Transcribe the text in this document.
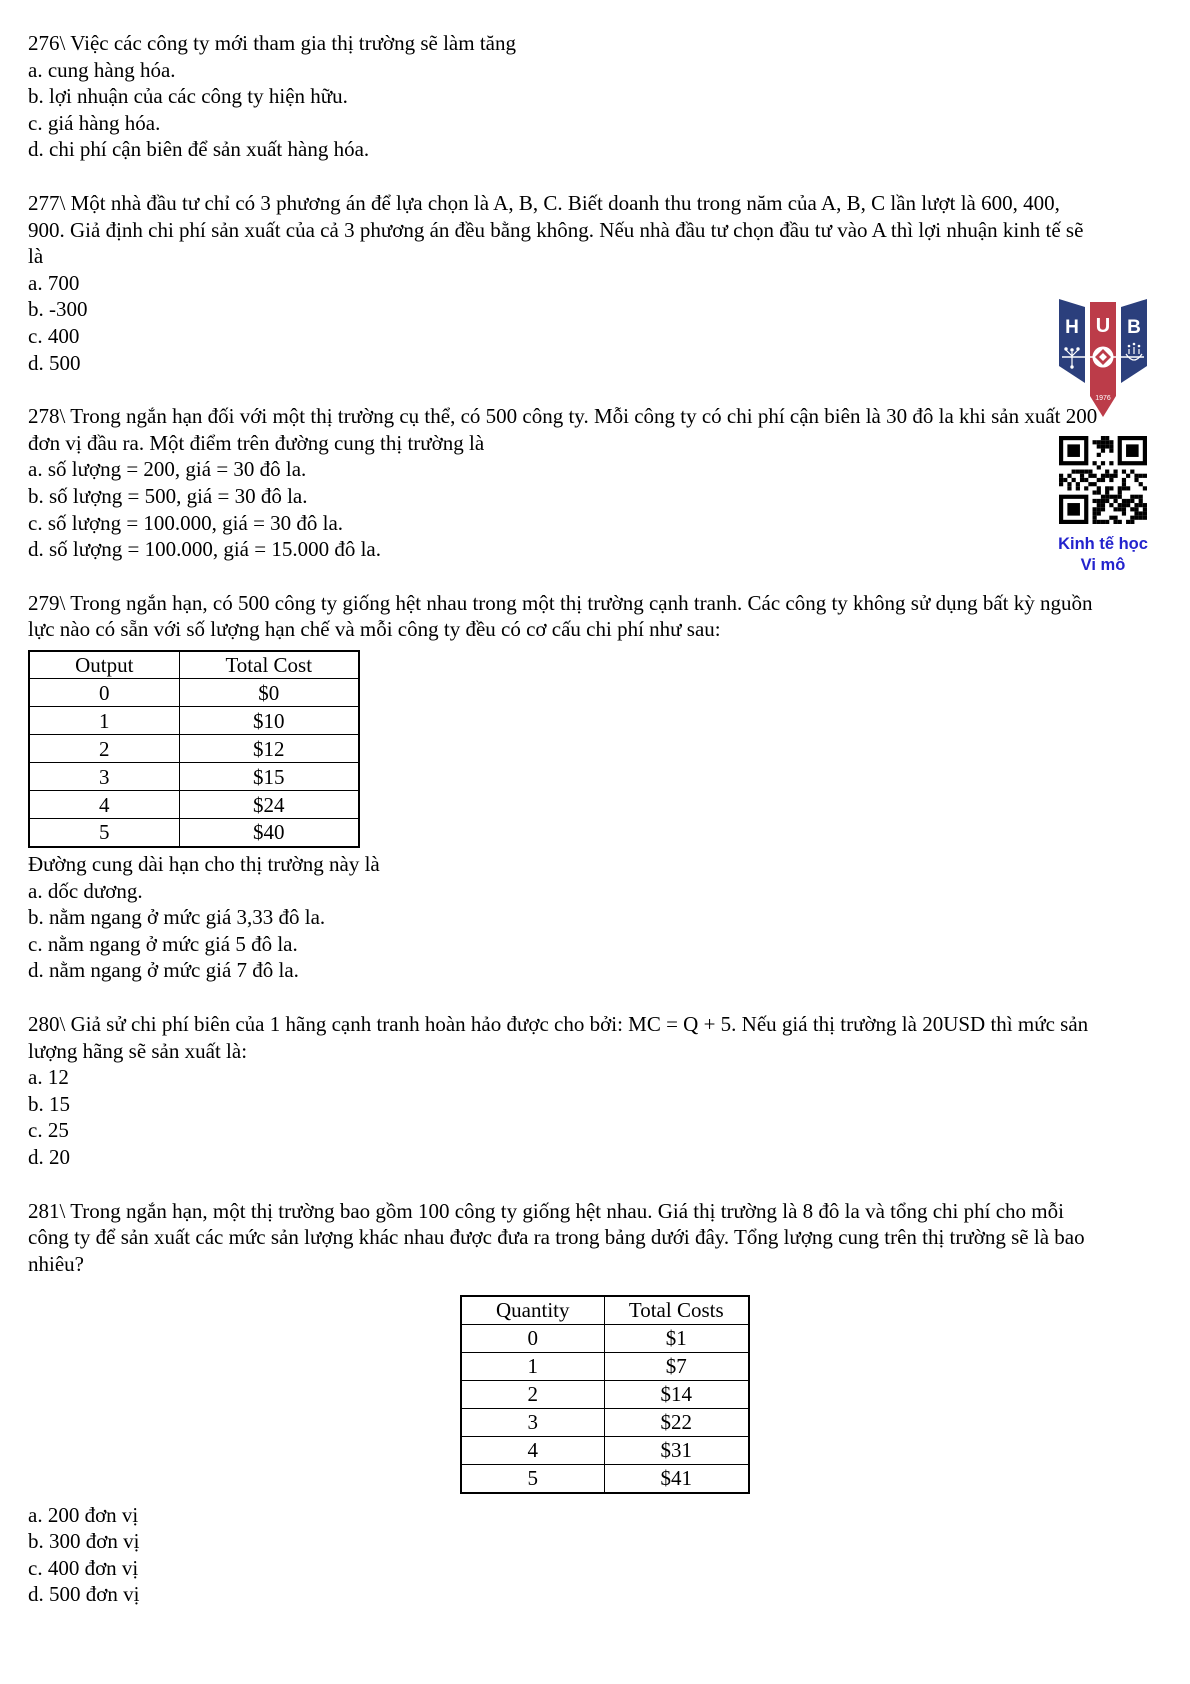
276\ Việc các công ty mới tham gia thị trường sẽ làm tăng
a. cung hàng hóa.
b. lợi nhuận của các công ty hiện hữu.
c. giá hàng hóa.
d. chi phí cận biên để sản xuất hàng hóa.
277\ Một nhà đầu tư chỉ có 3 phương án để lựa chọn là A, B, C. Biết doanh thu trong năm của A, B, C lần lượt là 600, 400, 900. Giả định chi phí sản xuất của cả 3 phương án đều bằng không. Nếu nhà đầu tư chọn đầu tư vào A thì lợi nhuận kinh tế sẽ là
a. 700
b. -300
c. 400
d. 500
278\ Trong ngắn hạn đối với một thị trường cụ thể, có 500 công ty. Mỗi công ty có chi phí cận biên là 30 đô la khi sản xuất 200 đơn vị đầu ra. Một điểm trên đường cung thị trường là
a. số lượng = 200, giá = 30 đô la.
b. số lượng = 500, giá = 30 đô la.
c. số lượng = 100.000, giá = 30 đô la.
d. số lượng = 100.000, giá = 15.000 đô la.
279\ Trong ngắn hạn, có 500 công ty giống hệt nhau trong một thị trường cạnh tranh. Các công ty không sử dụng bất kỳ nguồn lực nào có sẵn với số lượng hạn chế và mỗi công ty đều có cơ cấu chi phí như sau:
Output	Total Cost
0	$0
1	$10
2	$12
3	$15
4	$24
5	$40
Đường cung dài hạn cho thị trường này là
a. dốc dương.
b. nằm ngang ở mức giá 3,33 đô la.
c. nằm ngang ở mức giá 5 đô la.
d. nằm ngang ở mức giá 7 đô la.
280\ Giả sử chi phí biên của 1 hãng cạnh tranh hoàn hảo được cho bởi: MC = Q + 5. Nếu giá thị trường là 20USD thì mức sản lượng hãng sẽ sản xuất là:
a. 12
b. 15
c. 25
d. 20
281\ Trong ngắn hạn, một thị trường bao gồm 100 công ty giống hệt nhau. Giá thị trường là 8 đô la và tổng chi phí cho mỗi công ty để sản xuất các mức sản lượng khác nhau được đưa ra trong bảng dưới đây. Tổng lượng cung trên thị trường sẽ là bao nhiêu?
Quantity	Total Costs
0	$1
1	$7
2	$14
3	$22
4	$31
5	$41
a. 200 đơn vị
b. 300 đơn vị
c. 400 đơn vị
d. 500 đơn vị
H U B
1976
Kinh tế học
Vi mô
